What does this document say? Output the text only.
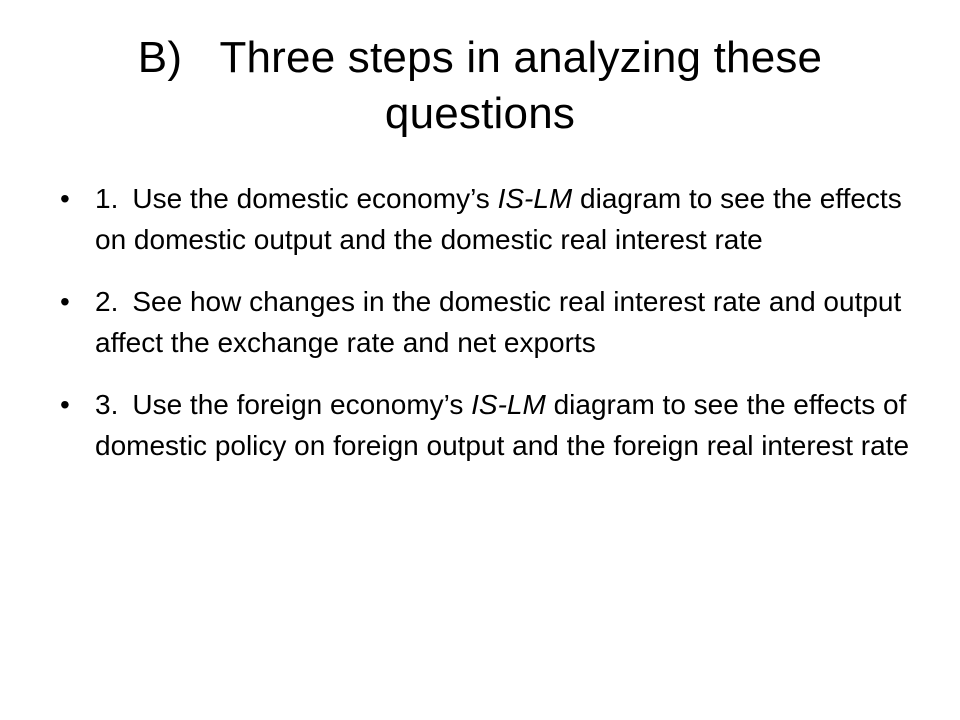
B)   Three steps in analyzing these
questions
• 1. Use the domestic economy’s IS-LM diagram to see the effects on domestic output and the domestic real interest rate
• 2. See how changes in the domestic real interest rate and output affect the exchange rate and net exports
• 3. Use the foreign economy’s IS-LM diagram to see the effects of domestic policy on foreign output and the foreign real interest rate
